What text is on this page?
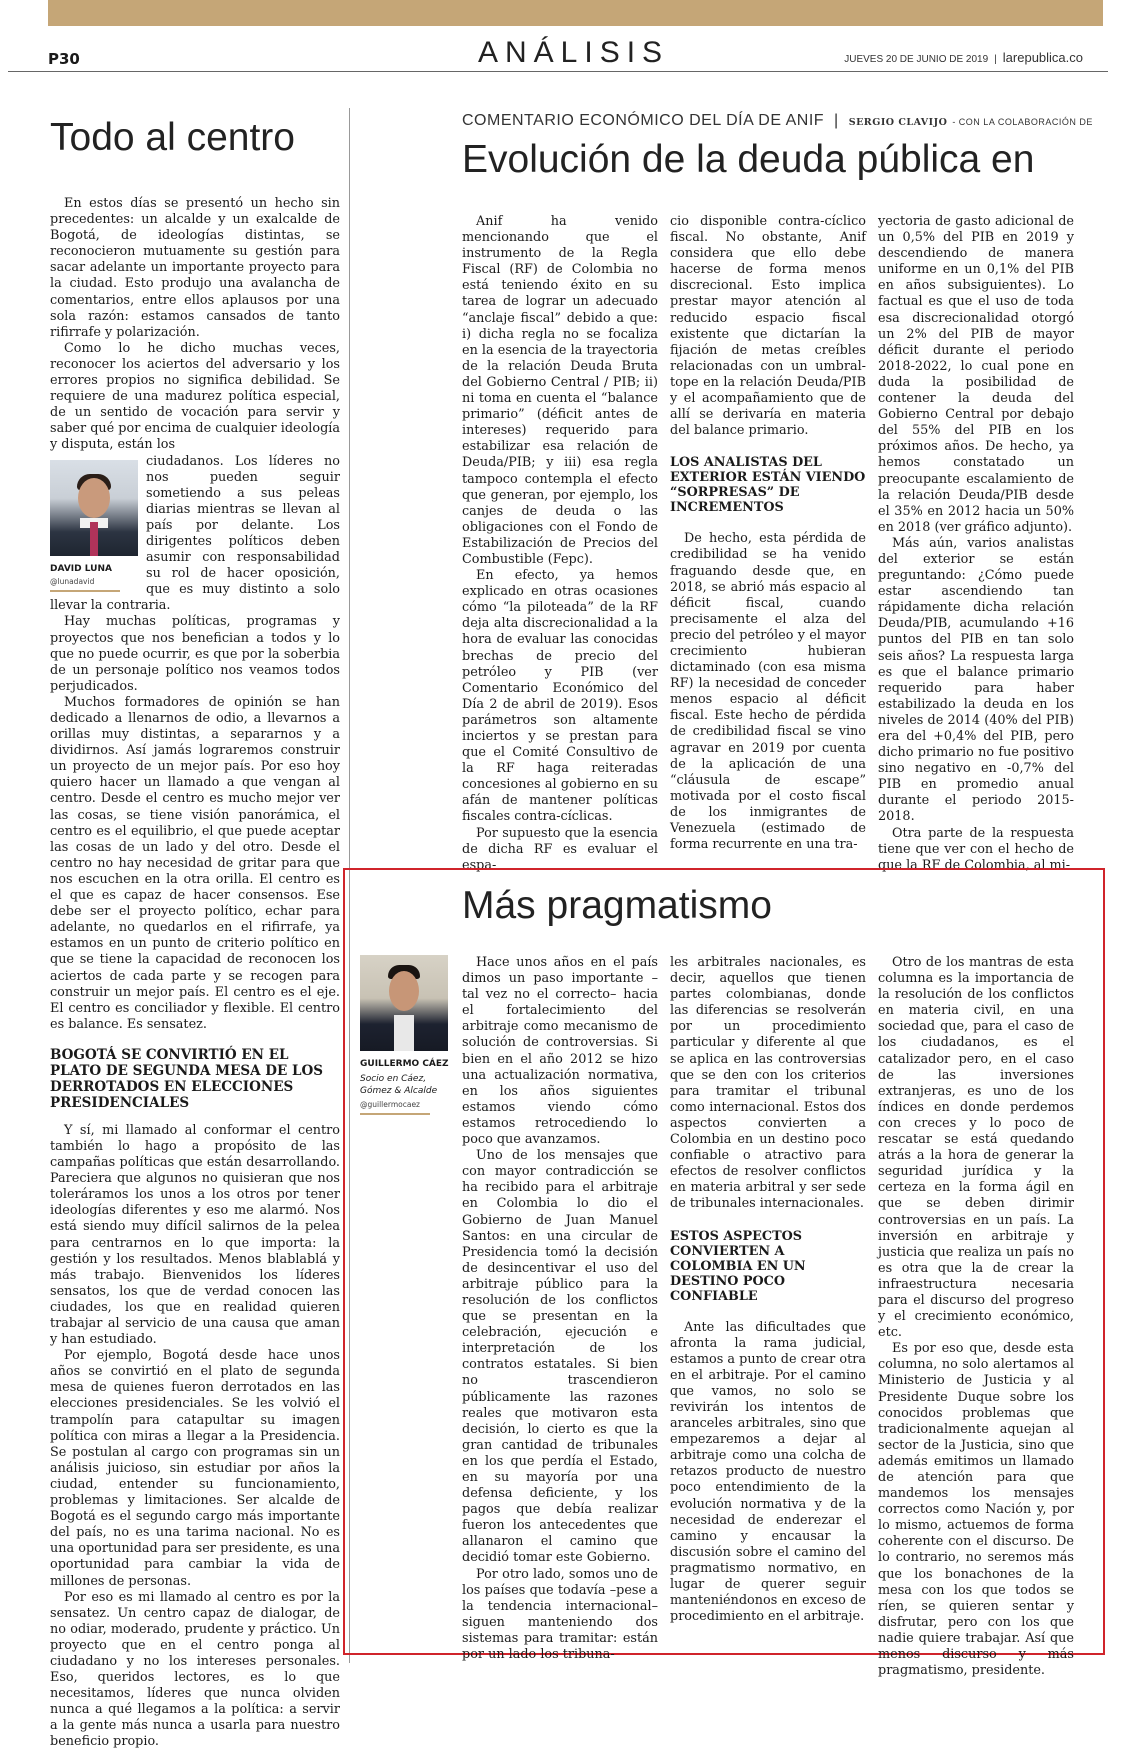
P30	ANÁLISIS	JUEVES 20 DE JUNIO DE 2019 | larepublica.co
Todo al centro

En estos días se presentó un hecho sin precedentes: un alcalde y un exalcalde de Bogotá, de ideologías distintas, se reconocieron mutuamente su gestión para sacar adelante un importante proyecto para la ciudad. Esto produjo una avalancha de comentarios, entre ellos aplausos por una sola razón: estamos cansados de tanto rifirrafe y polarización.

Como lo he dicho muchas veces, reconocer los aciertos del adversario y los errores propios no significa debilidad. Se requiere de una madurez política especial, de un sentido de vocación para servir y saber qué por encima de cualquier ideología y disputa, están los

DAVID LUNA
@lunadavid

ciudadanos. Los líderes no nos pueden seguir sometiendo a sus peleas diarias mientras se llevan al país por delante. Los dirigentes políticos deben asumir con responsabilidad su rol de hacer oposición, que es muy distinto a solo llevar la contraria.

Hay muchas políticas, programas y proyectos que nos benefician a todos y lo que no puede ocurrir, es que por la soberbia de un personaje político nos veamos todos perjudicados.

Muchos formadores de opinión se han dedicado a llenarnos de odio, a llevarnos a orillas muy distintas, a separarnos y a dividirnos. Así jamás lograremos construir un proyecto de un mejor país. Por eso hoy quiero hacer un llamado a que vengan al centro. Desde el centro es mucho mejor ver las cosas, se tiene visión panorámica, el centro es el equilibrio, el que puede aceptar las cosas de un lado y del otro. Desde el centro no hay necesidad de gritar para que nos escuchen en la otra orilla. El centro es el que es capaz de hacer consensos. Ese debe ser el proyecto político, echar para adelante, no quedarlos en el rifirrafe, ya estamos en un punto de criterio político en que se tiene la capacidad de reconocen los aciertos de cada parte y se recogen para construir un mejor país. El centro es el eje. El centro es conciliador y flexible. El centro es balance. Es sensatez.

BOGOTÁ SE CONVIRTIÓ EN EL PLATO DE SEGUNDA MESA DE LOS DERROTADOS EN ELECCIONES PRESIDENCIALES

Y sí, mi llamado al conformar el centro también lo hago a propósito de las campañas políticas que están desarrollando. Pareciera que algunos no quisieran que nos toleráramos los unos a los otros por tener ideologías diferentes y eso me alarmó. Nos está siendo muy difícil salirnos de la pelea para centrarnos en lo que importa: la gestión y los resultados. Menos blablablá y más trabajo. Bienvenidos los líderes sensatos, los que de verdad conocen las ciudades, los que en realidad quieren trabajar al servicio de una causa que aman y han estudiado.

Por ejemplo, Bogotá desde hace unos años se convirtió en el plato de segunda mesa de quienes fueron derrotados en las elecciones presidenciales. Se les volvió el trampolín para catapultar su imagen política con miras a llegar a la Presidencia. Se postulan al cargo con programas sin un análisis juicioso, sin estudiar por años la ciudad, entender su funcionamiento, problemas y limitaciones. Ser alcalde de Bogotá es el segundo cargo más importante del país, no es una tarima nacional. No es una oportunidad para ser presidente, es una oportunidad para cambiar la vida de millones de personas.

Por eso es mi llamado al centro es por la sensatez. Un centro capaz de dialogar, de no odiar, moderado, prudente y práctico. Un proyecto que en el centro ponga al ciudadano y no los intereses personales. Eso, queridos lectores, es lo que necesitamos, líderes que nunca olviden nunca a qué llegamos a la política: a servir a la gente más nunca a usarla para nuestro beneficio propio.

COMENTARIO ECONÓMICO DEL DÍA DE ANIF | SERGIO CLAVIJO - CON LA COLABORACIÓN DE
Evolución de la deuda pública en

Anif ha venido mencionando que el instrumento de la Regla Fiscal (RF) de Colombia no está teniendo éxito en su tarea de lograr un adecuado “anclaje fiscal” debido a que: i) dicha regla no se focaliza en la esencia de la trayectoria de la relación Deuda Bruta del Gobierno Central / PIB; ii) ni toma en cuenta el “balance primario” (déficit antes de intereses) requerido para estabilizar esa relación de Deuda/PIB; y iii) esa regla tampoco contempla el efecto que generan, por ejemplo, los canjes de deuda o las obligaciones con el Fondo de Estabilización de Precios del Combustible (Fepc).

En efecto, ya hemos explicado en otras ocasiones cómo “la piloteada” de la RF deja alta discrecionalidad a la hora de evaluar las conocidas brechas de precio del petróleo y PIB (ver Comentario Económico del Día 2 de abril de 2019). Esos parámetros son altamente inciertos y se prestan para que el Comité Consultivo de la RF haga reiteradas concesiones al gobierno en su afán de mantener políticas fiscales contra-cíclicas.

Por supuesto que la esencia de dicha RF es evaluar el espa-

cio disponible contra-cíclico fiscal. No obstante, Anif considera que ello debe hacerse de forma menos discrecional. Esto implica prestar mayor atención al reducido espacio fiscal existente que dictarían la fijación de metas creíbles relacionadas con un umbral-tope en la relación Deuda/PIB y el acompañamiento que de allí se derivaría en materia del balance primario.

LOS ANALISTAS DEL EXTERIOR ESTÁN VIENDO “SORPRESAS” DE INCREMENTOS

De hecho, esta pérdida de credibilidad se ha venido fraguando desde que, en 2018, se abrió más espacio al déficit fiscal, cuando precisamente el alza del precio del petróleo y el mayor crecimiento hubieran dictaminado (con esa misma RF) la necesidad de conceder menos espacio al déficit fiscal. Este hecho de pérdida de credibilidad fiscal se vino agravar en 2019 por cuenta de la aplicación de una “cláusula de escape” motivada por el costo fiscal de los inmigrantes de Venezuela (estimado de forma recurrente en una tra-

yectoria de gasto adicional de un 0,5% del PIB en 2019 y descendiendo de manera uniforme en un 0,1% del PIB en años subsiguientes). Lo factual es que el uso de toda esa discrecionalidad otorgó un 2% del PIB de mayor déficit durante el periodo 2018-2022, lo cual pone en duda la posibilidad de contener la deuda del Gobierno Central por debajo del 55% del PIB en los próximos años. De hecho, ya hemos constatado un preocupante escalamiento de la relación Deuda/PIB desde el 35% en 2012 hacia un 50% en 2018 (ver gráfico adjunto).

Más aún, varios analistas del exterior se están preguntando: ¿Cómo puede estar ascendiendo tan rápidamente dicha relación Deuda/PIB, acumulando +16 puntos del PIB en tan solo seis años? La respuesta larga es que el balance primario requerido para haber estabilizado la deuda en los niveles de 2014 (40% del PIB) era del +0,4% del PIB, pero dicho primario no fue positivo sino negativo en -0,7% del PIB en promedio anual durante el periodo 2015-2018.

Otra parte de la respuesta tiene que ver con el hecho de que la RF de Colombia, al mi-

Más pragmatismo
GUILLERMO CÁEZ
Socio en Cáez, Gómez & Alcalde
@guillermocaez

Hace unos años en el país dimos un paso importante –tal vez no el correcto– hacia el fortalecimiento del arbitraje como mecanismo de solución de controversias. Si bien en el año 2012 se hizo una actualización normativa, en los años siguientes estamos viendo cómo estamos retrocediendo lo poco que avanzamos.

Uno de los mensajes que con mayor contradicción se ha recibido para el arbitraje en Colombia lo dio el Gobierno de Juan Manuel Santos: en una circular de Presidencia tomó la decisión de desincentivar el uso del arbitraje público para la resolución de los conflictos que se presentan en la celebración, ejecución e interpretación de los contratos estatales. Si bien no trascendieron públicamente las razones reales que motivaron esta decisión, lo cierto es que la gran cantidad de tribunales en los que perdía el Estado, en su mayoría por una defensa deficiente, y los pagos que debía realizar fueron los antecedentes que allanaron el camino que decidió tomar este Gobierno.

Por otro lado, somos uno de los países que todavía –pese a la tendencia internacional– siguen manteniendo dos sistemas para tramitar: están por un lado los tribuna-

les arbitrales nacionales, es decir, aquellos que tienen partes colombianas, donde las diferencias se resolverán por un procedimiento particular y diferente al que se aplica en las controversias que se den con los criterios para tramitar el tribunal como internacional. Estos dos aspectos convierten a Colombia en un destino poco confiable o atractivo para efectos de resolver conflictos en materia arbitral y ser sede de tribunales internacionales.

ESTOS ASPECTOS CONVIERTEN A COLOMBIA EN UN DESTINO POCO CONFIABLE

Ante las dificultades que afronta la rama judicial, estamos a punto de crear otra en el arbitraje. Por el camino que vamos, no solo se revivirán los intentos de aranceles arbitrales, sino que empezaremos a dejar al arbitraje como una colcha de retazos producto de nuestro poco entendimiento de la evolución normativa y de la necesidad de enderezar el camino y encausar la discusión sobre el camino del pragmatismo normativo, en lugar de querer seguir manteniéndonos en exceso de procedimiento en el arbitraje.

Otro de los mantras de esta columna es la importancia de la resolución de los conflictos en materia civil, en una sociedad que, para el caso de los ciudadanos, es el catalizador pero, en el caso de las inversiones extranjeras, es uno de los índices en donde perdemos con creces y lo poco de rescatar se está quedando atrás a la hora de generar la seguridad jurídica y la certeza en la forma ágil en que se deben dirimir controversias en un país. La inversión en arbitraje y justicia que realiza un país no es otra que la de crear la infraestructura necesaria para el discurso del progreso y el crecimiento económico, etc.

Es por eso que, desde esta columna, no solo alertamos al Ministerio de Justicia y al Presidente Duque sobre los conocidos problemas que tradicionalmente aquejan al sector de la Justicia, sino que además emitimos un llamado de atención para que mandemos los mensajes correctos como Nación y, por lo mismo, actuemos de forma coherente con el discurso. De lo contrario, no seremos más que los bonachones de la mesa con los que todos se ríen, se quieren sentar y disfrutar, pero con los que nadie quiere trabajar. Así que menos discurso y más pragmatismo, presidente.
